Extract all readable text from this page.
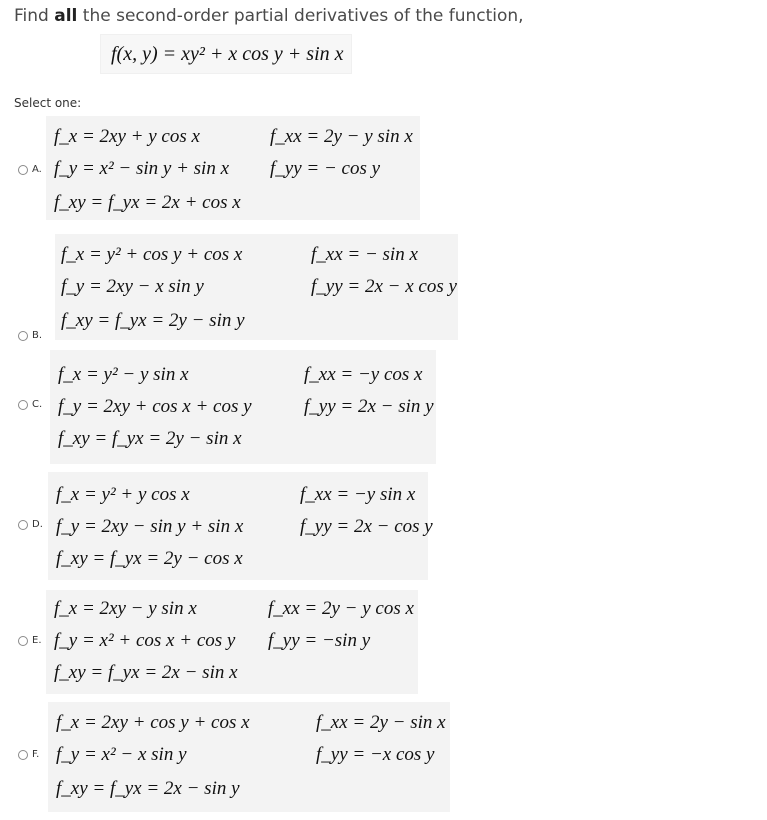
Find all the second-order partial derivatives of the function,
f(x, y) = xy² + x cos y + sin x
Select one:
A.
f_x = 2xy + y cos x
f_y = x² − sin y + sin x
f_xy = f_yx = 2x + cos x
f_xx = 2y − y sin x
f_yy = − cos y
B.
f_x = y² + cos y + cos x
f_y = 2xy − x sin y
f_xy = f_yx = 2y − sin y
f_xx = − sin x
f_yy = 2x − x cos y
C.
f_x = y² − y sin x
f_y = 2xy + cos x + cos y
f_xy = f_yx = 2y − sin x
f_xx = −y cos x
f_yy = 2x − sin y
D.
f_x = y² + y cos x
f_y = 2xy − sin y + sin x
f_xy = f_yx = 2y − cos x
f_xx = −y sin x
f_yy = 2x − cos y
E.
f_x = 2xy − y sin x
f_y = x² + cos x + cos y
f_xy = f_yx = 2x − sin x
f_xx = 2y − y cos x
f_yy = −sin y
F.
f_x = 2xy + cos y + cos x
f_y = x² − x sin y
f_xy = f_yx = 2x − sin y
f_xx = 2y − sin x
f_yy = −x cos y
